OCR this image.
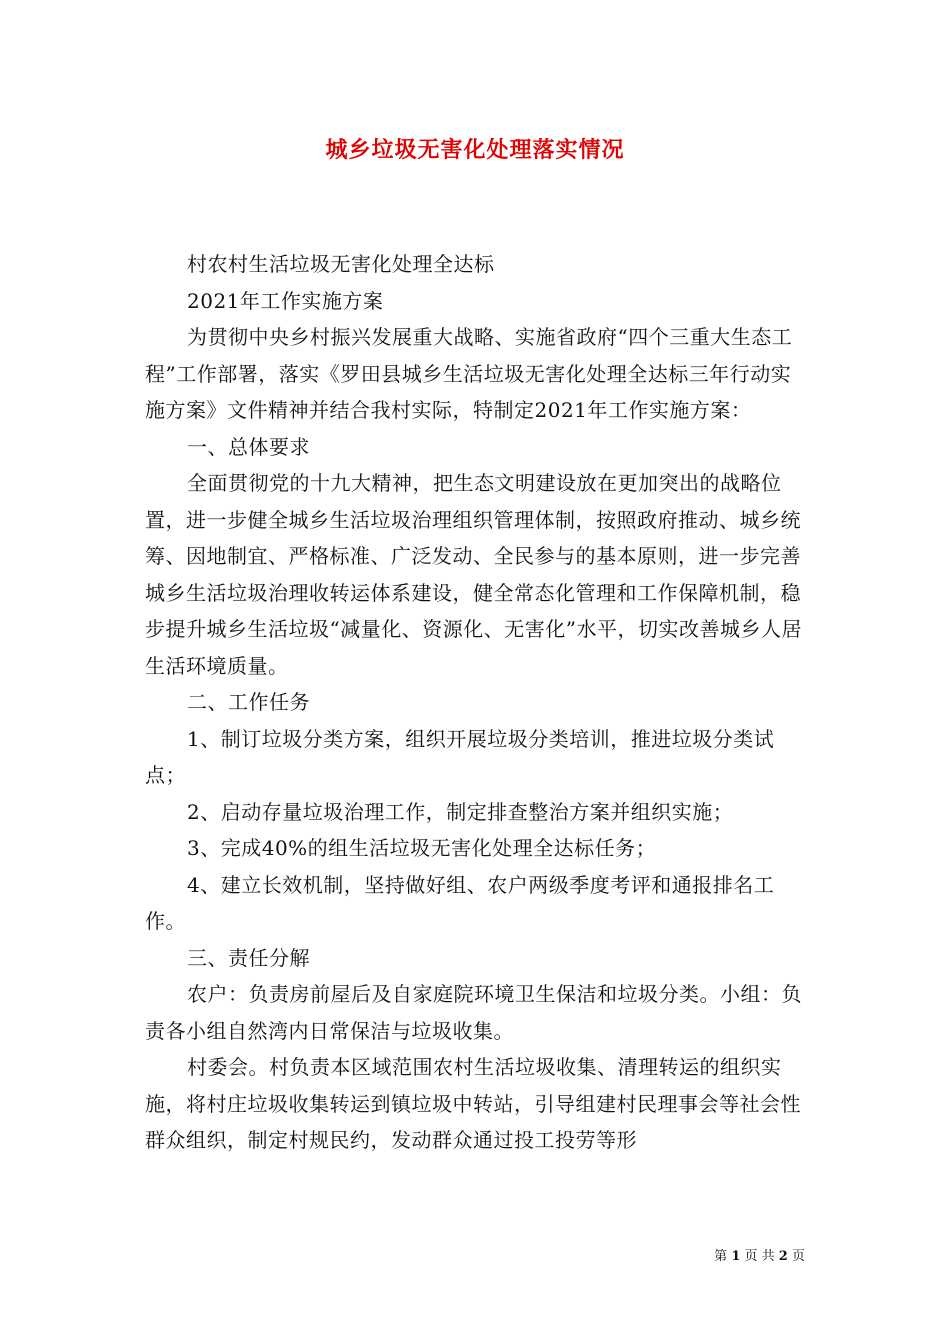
城乡垃圾无害化处理落实情况

村农村生活垃圾无害化处理全达标

2021年工作实施方案

为贯彻中央乡村振兴发展重大战略、实施省政府“四个三重大生态工程”工作部署，落实《罗田县城乡生活垃圾无害化处理全达标三年行动实施方案》文件精神并结合我村实际，特制定2021年工作实施方案：

一、总体要求

全面贯彻党的十九大精神，把生态文明建设放在更加突出的战略位置，进一步健全城乡生活垃圾治理组织管理体制，按照政府推动、城乡统筹、因地制宜、严格标准、广泛发动、全民参与的基本原则，进一步完善城乡生活垃圾治理收转运体系建设，健全常态化管理和工作保障机制，稳步提升城乡生活垃圾“减量化、资源化、无害化”水平，切实改善城乡人居生活环境质量。

二、工作任务

1、制订垃圾分类方案，组织开展垃圾分类培训，推进垃圾分类试点；

2、启动存量垃圾治理工作，制定排查整治方案并组织实施；

3、完成40%的组生活垃圾无害化处理全达标任务；

4、建立长效机制，坚持做好组、农户两级季度考评和通报排名工作。

三、责任分解

农户：负责房前屋后及自家庭院环境卫生保洁和垃圾分类。小组：负责各小组自然湾内日常保洁与垃圾收集。

村委会。村负责本区域范围农村生活垃圾收集、清理转运的组织实施，将村庄垃圾收集转运到镇垃圾中转站，引导组建村民理事会等社会性群众组织，制定村规民约，发动群众通过投工投劳等形

第 1 页 共 2 页
